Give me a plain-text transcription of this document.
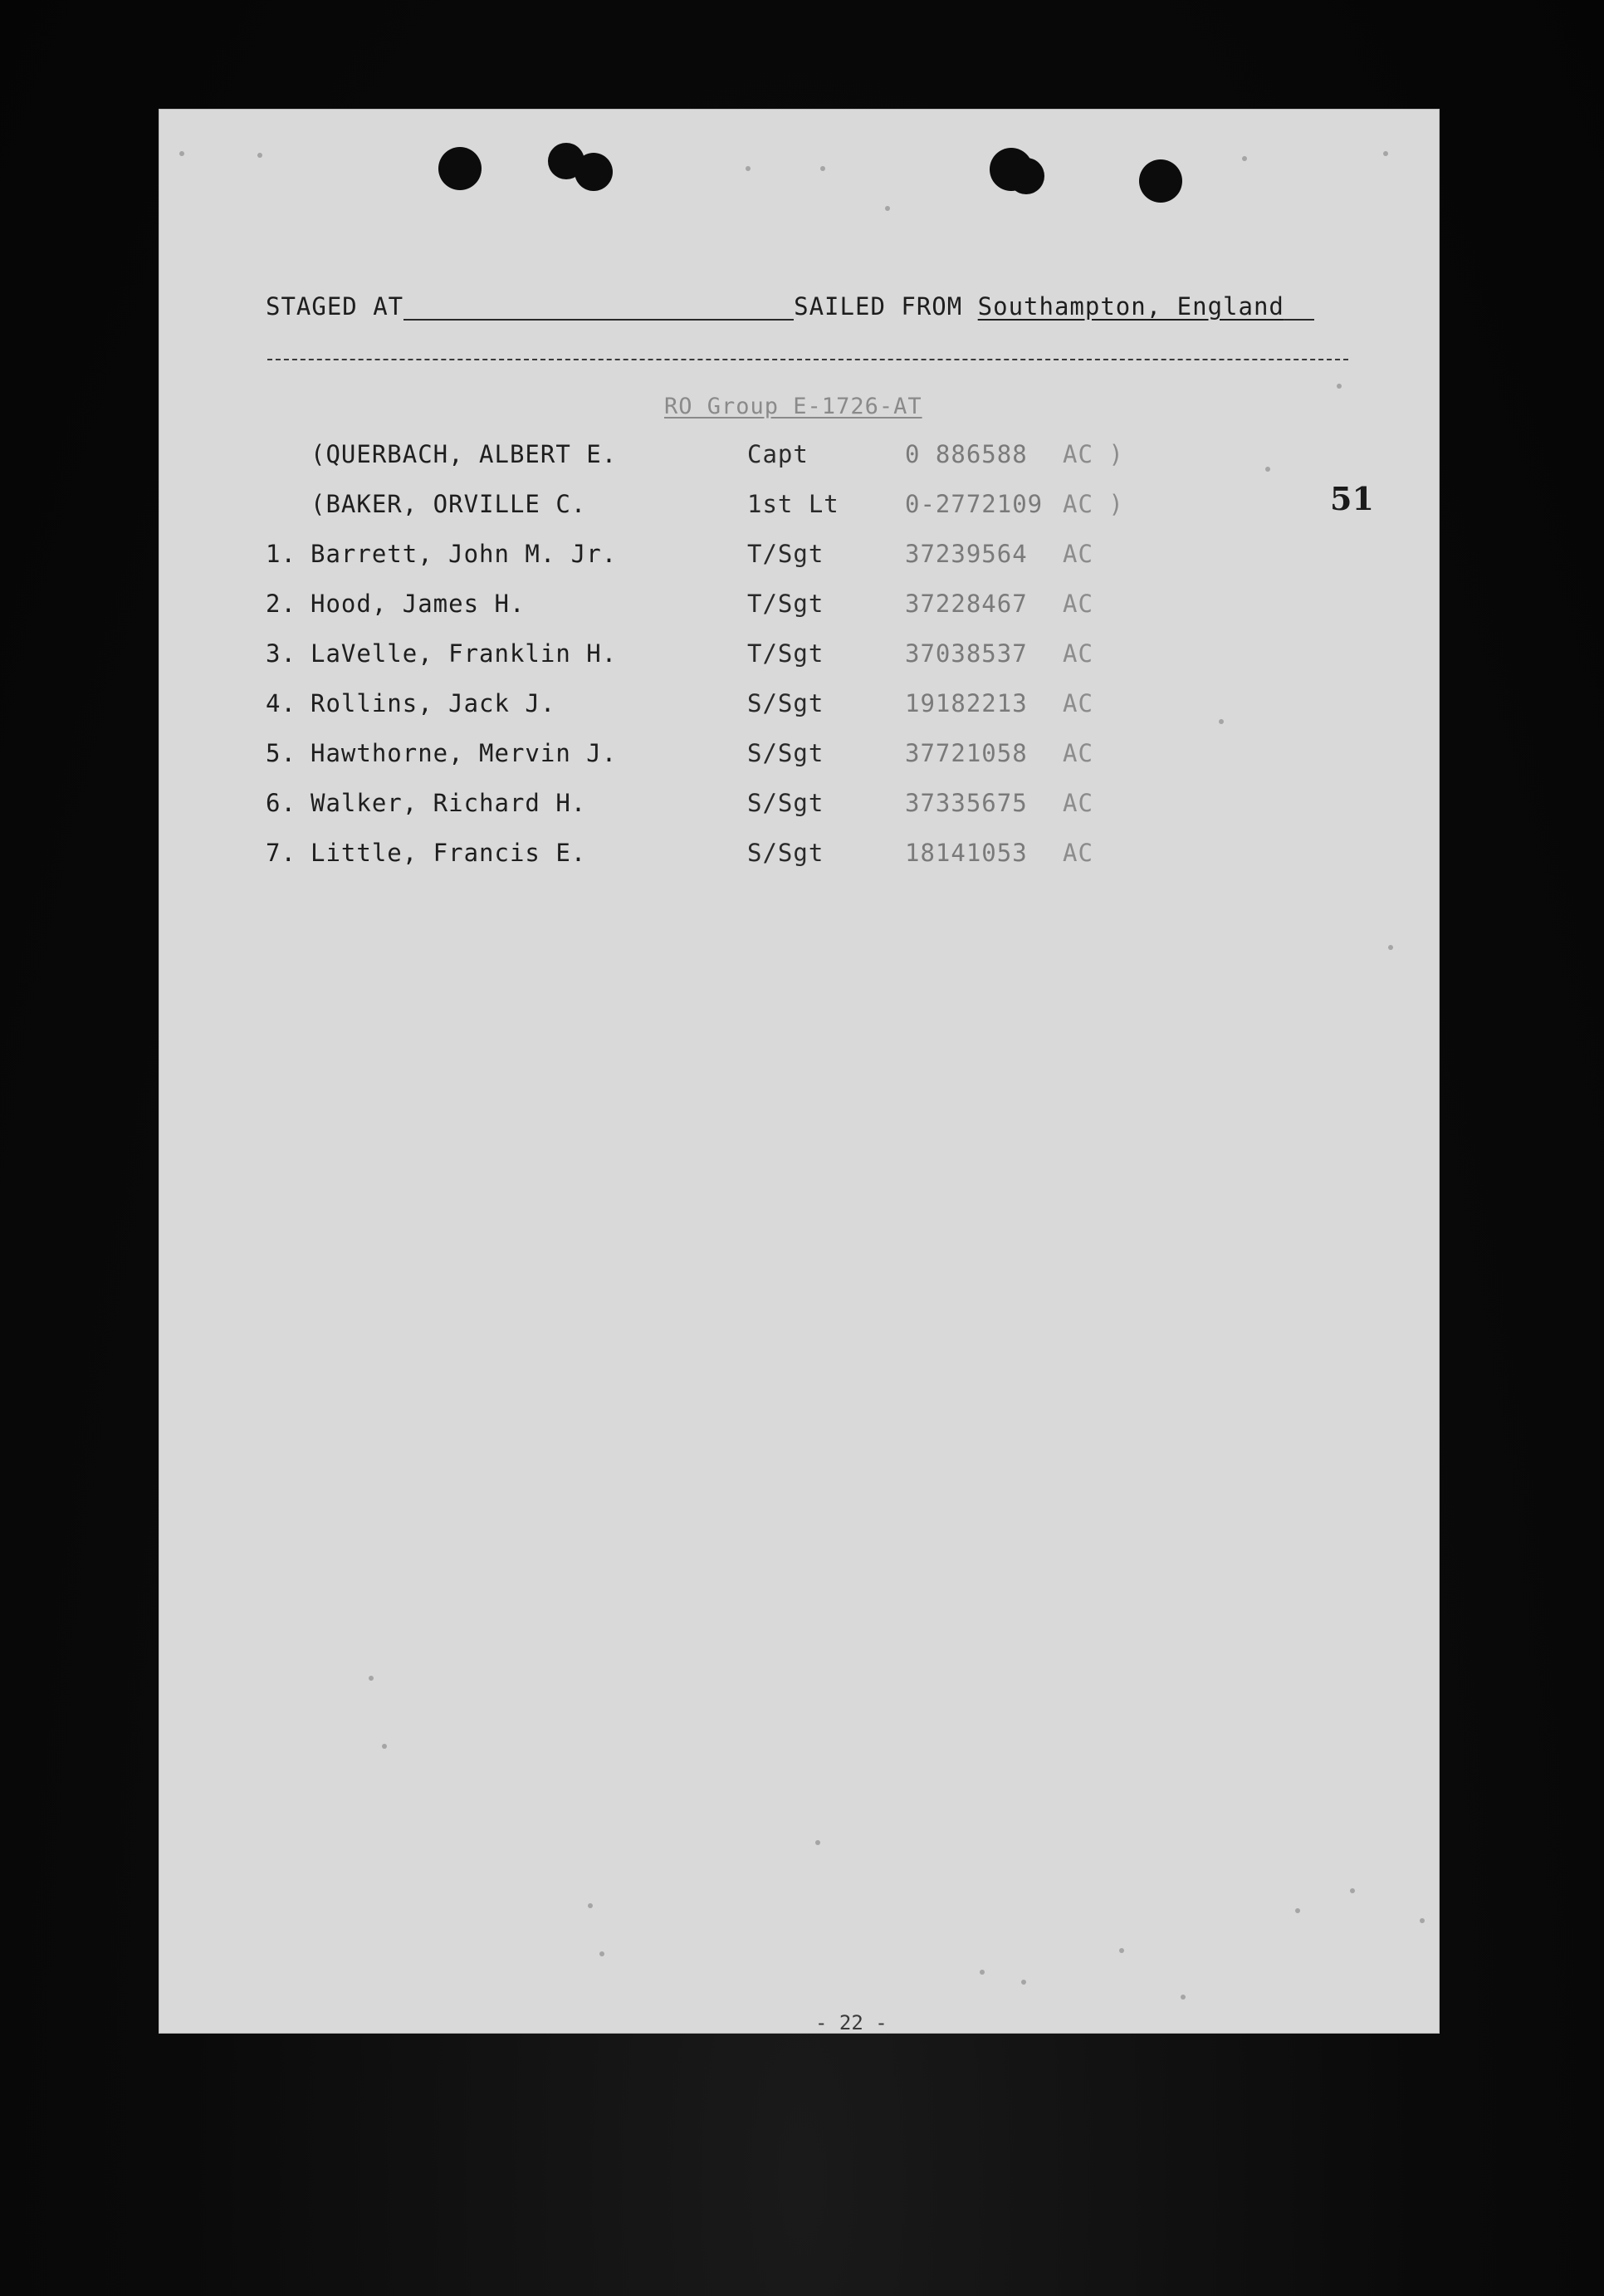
STAGED AT	SAILED FROM Southampton, England
RO Group E-1726-AT
51
(QUERBACH, ALBERT E.	Capt	0 886588 AC )
(BAKER, ORVILLE C.	1st Lt	0-2772109 AC )
1. Barrett, John M. Jr.	T/Sgt	37239564 AC
2. Hood, James H.	T/Sgt	37228467 AC
3. LaVelle, Franklin H.	T/Sgt	37038537 AC
4. Rollins, Jack J.	S/Sgt	19182213 AC
5. Hawthorne, Mervin J.	S/Sgt	37721058 AC
6. Walker, Richard H.	S/Sgt	37335675 AC
7. Little, Francis E.	S/Sgt	18141053 AC
- 22 -
